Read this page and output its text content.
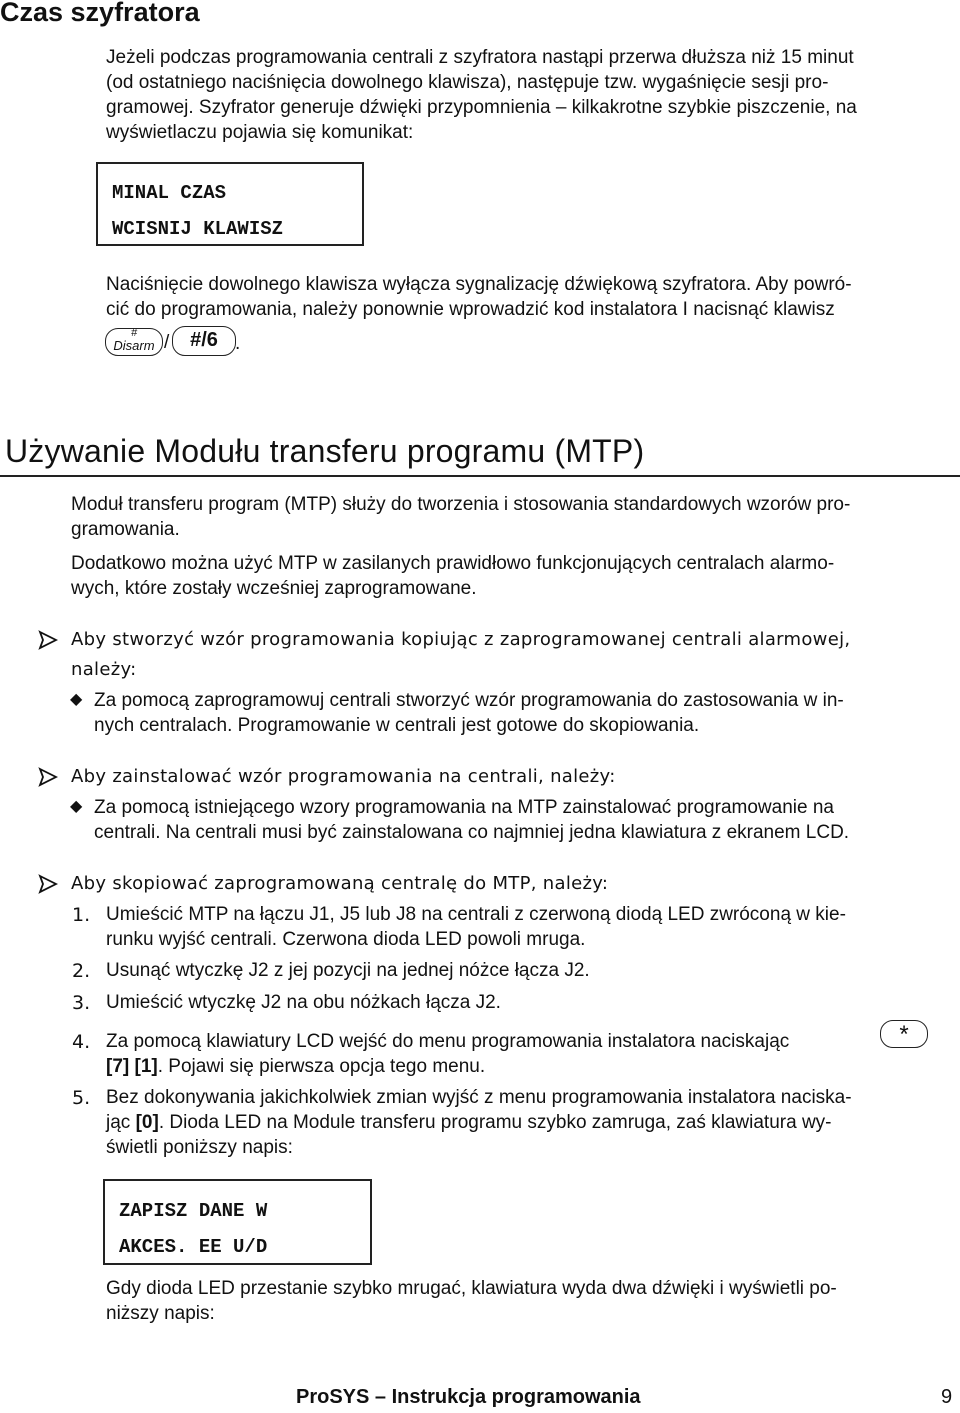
Czas szyfratora
Jeżeli podczas programowania centrali z szyfratora nastąpi przerwa dłuższa niż 15 minut
(od ostatniego naciśnięcia dowolnego klawisza), następuje tzw. wygaśnięcie sesji pro-
gramowej. Szyfrator generuje dźwięki przypomnienia – kilkakrotne szybkie piszczenie, na
wyświetlaczu pojawia się komunikat:
MINAL CZAS
WCISNIJ KLAWISZ
Naciśnięcie dowolnego klawisza wyłącza sygnalizację dźwiękową szyfratora. Aby powró-
cić do programowania, należy ponownie wprowadzić kod instalatora I nacisnąć klawisz
#
Disarm /	#/6 .
Używanie Modułu transferu programu (MTP)
Moduł transferu program (MTP) służy do tworzenia i stosowania standardowych wzorów pro-
gramowania.
Dodatkowo można użyć MTP w zasilanych prawidłowo funkcjonujących centralach alarmo-
wych, które zostały wcześniej zaprogramowane.
Aby stworzyć wzór programowania kopiując z zaprogramowanej centrali alarmowej,
należy:
◆ Za pomocą zaprogramowuj centrali stworzyć wzór programowania do zastosowania w in-
nych centralach. Programowanie w centrali jest gotowe do skopiowania.
Aby zainstalować wzór programowania na centrali, należy:
◆ Za pomocą istniejącego wzory programowania na MTP zainstalować programowanie na
centrali. Na centrali musi być zainstalowana co najmniej jedna klawiatura z ekranem LCD.
Aby skopiować zaprogramowaną centralę do MTP, należy:
1. Umieścić MTP na łączu J1, J5 lub J8 na centrali z czerwoną diodą LED zwróconą w kie-
runku wyjść centrali. Czerwona dioda LED powoli mruga.
2. Usunąć wtyczkę J2 z jej pozycji na jednej nóżce łącza J2.
3. Umieścić wtyczkę J2 na obu nóżkach łącza J2.
4. Za pomocą klawiatury LCD wejść do menu programowania instalatora naciskając	*
[7] [1]. Pojawi się pierwsza opcja tego menu.
5. Bez dokonywania jakichkolwiek zmian wyjść z menu programowania instalatora naciska-
jąc [0]. Dioda LED na Module transferu programu szybko zamruga, zaś klawiatura wy-
świetli poniższy napis:
ZAPISZ DANE W
AKCES. EE U/D
Gdy dioda LED przestanie szybko mrugać, klawiatura wyda dwa dźwięki i wyświetli po-
niższy napis:
ProSYS – Instrukcja programowania	9
